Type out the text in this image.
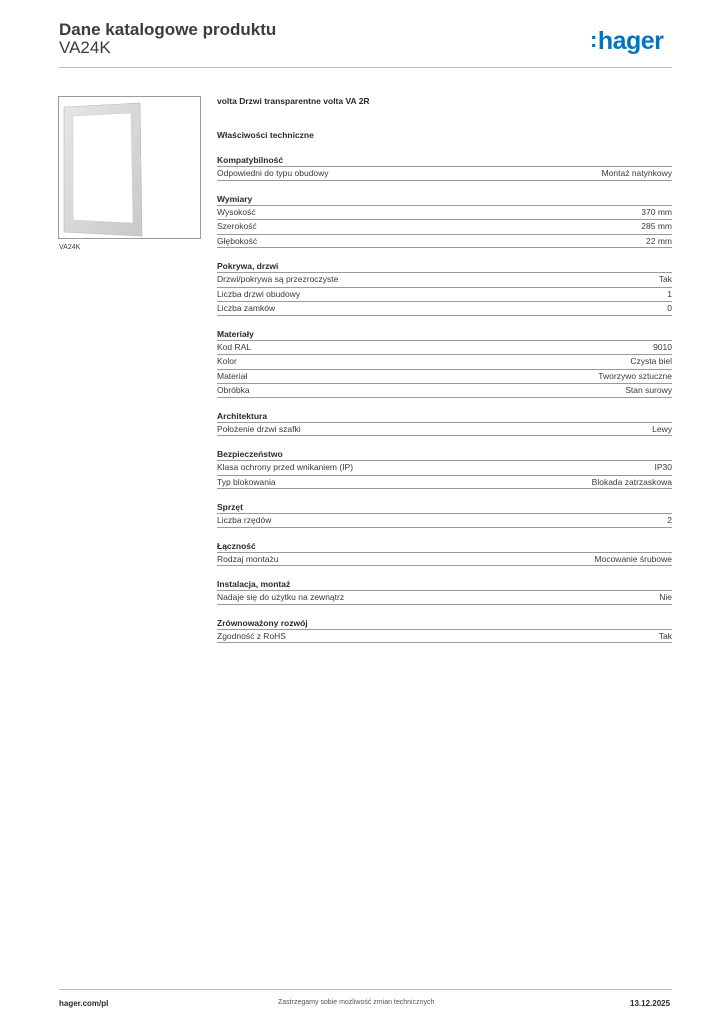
Dane katalogowe produktu
VA24K	:hager
VA24K
volta Drzwi transparentne volta VA 2R
Właściwości techniczne
Kompatybilność
Odpowiedni do typu obudowy	Montaż natynkowy
Wymiary
Wysokość	370 mm
Szerokość	285 mm
Głębokość	22 mm
Pokrywa, drzwi
Drzwi/pokrywa są przezroczyste	Tak
Liczba drzwi obudowy	1
Liczba zamków	0
Materiały
Kod RAL	9010
Kolor	Czysta biel
Materiał	Tworzywo sztuczne
Obróbka	Stan surowy
Architektura
Położenie drzwi szafki	Lewy
Bezpieczeństwo
Klasa ochrony przed wnikaniem (IP)	IP30
Typ blokowania	Blokada zatrzaskowa
Sprzęt
Liczba rzędów	2
Łączność
Rodzaj montażu	Mocowanie śrubowe
Instalacja, montaż
Nadaje się do użytku na zewnątrz	Nie
Zrównoważony rozwój
Zgodność z RoHS	Tak
hager.com/pl	Zastrzegamy sobie możliwość zmian technicznych	13.12.2025
